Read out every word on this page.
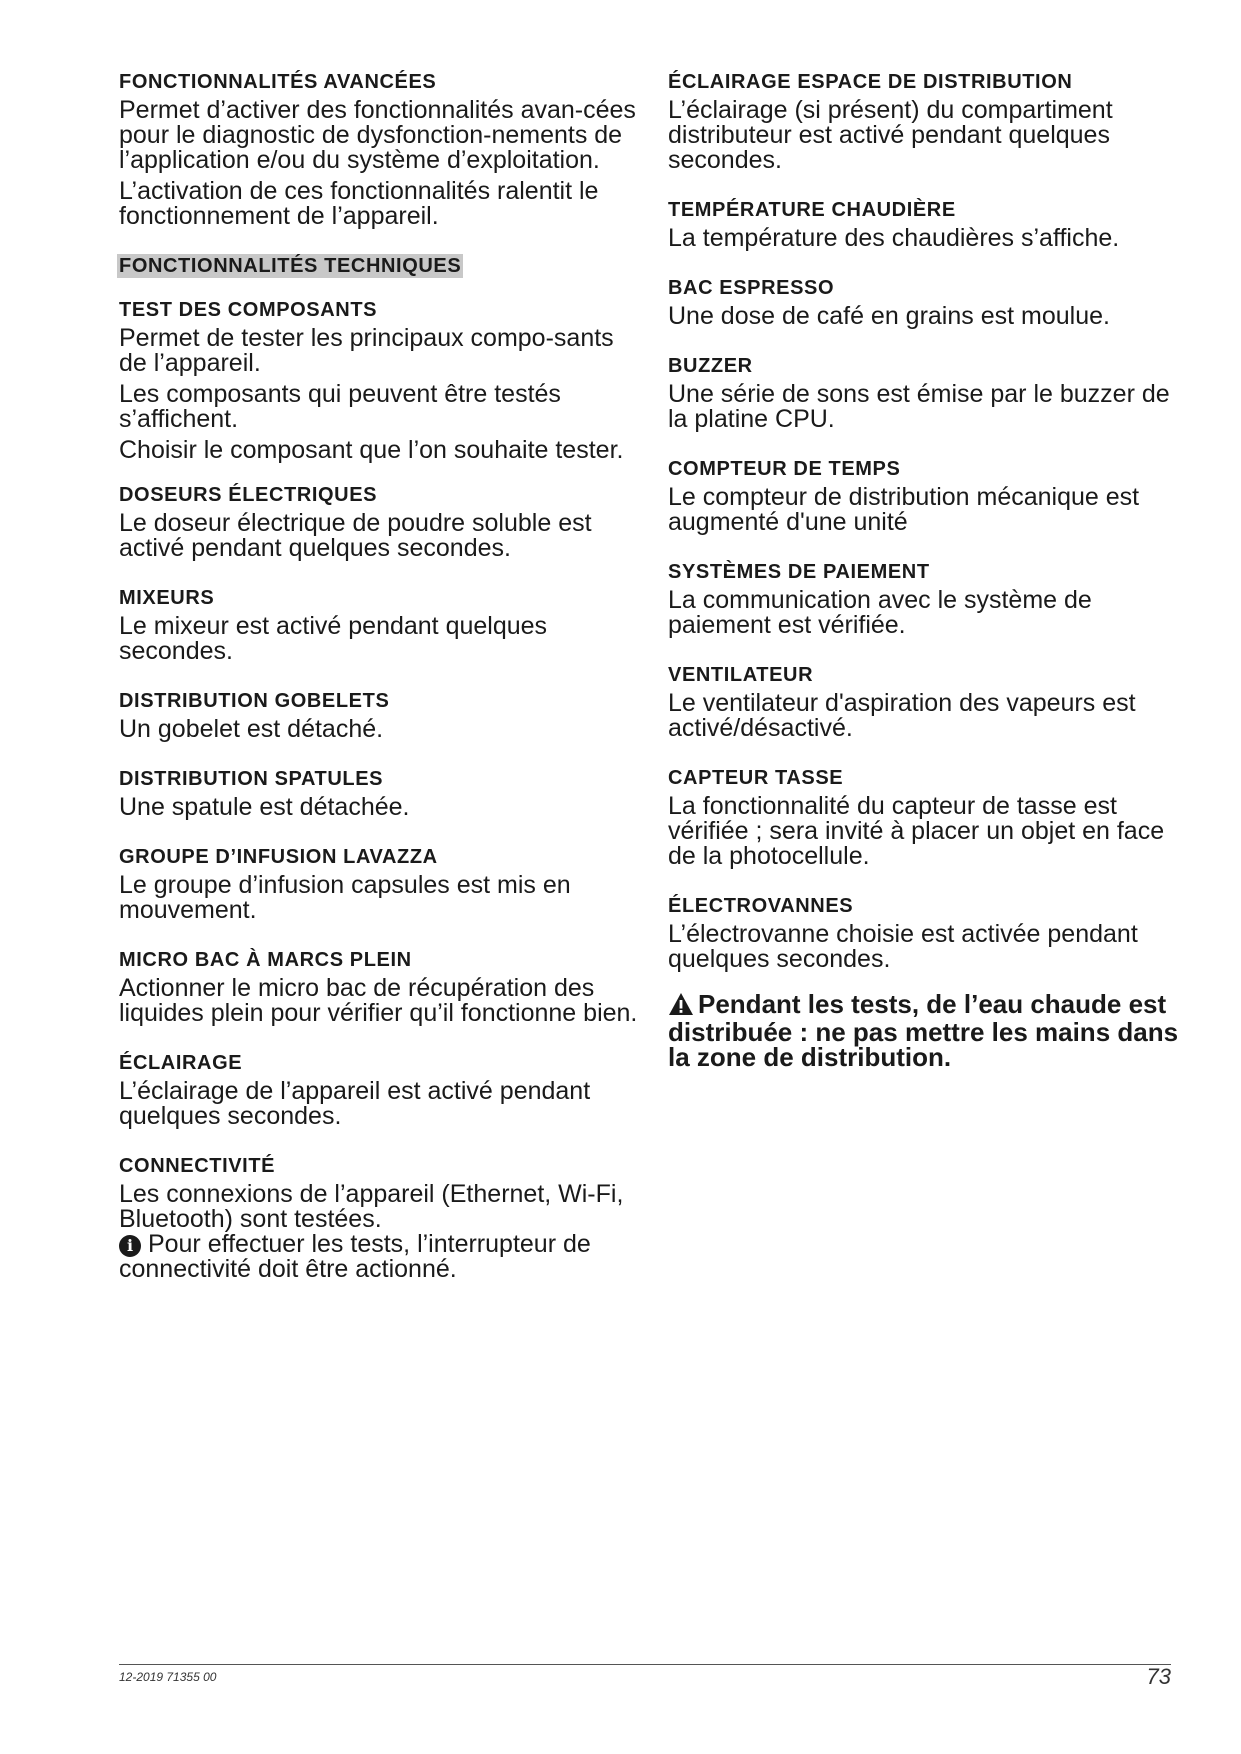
FONCTIONNALITÉS AVANCÉES

Permet d’activer des fonctionnalités avan-cées pour le diagnostic de dysfonction-nements de l’application e/ou du système d’exploitation.

L’activation de ces fonctionnalités ralentit le fonctionnement de l’appareil.

FONCTIONNALITÉS TECHNIQUES
TEST DES COMPOSANTS

Permet de tester les principaux compo-sants de l’appareil.

Les composants qui peuvent être testés s’affichent.

Choisir le composant que l’on souhaite tester.

DOSEURS ÉLECTRIQUES

Le doseur électrique de poudre soluble est activé pendant quelques secondes.

MIXEURS

Le mixeur est activé pendant quelques secondes.

DISTRIBUTION GOBELETS

Un gobelet est détaché.

DISTRIBUTION SPATULES

Une spatule est détachée.

GROUPE D’INFUSION LAVAZZA

Le groupe d’infusion capsules est mis en mouvement.

MICRO BAC À MARCS PLEIN

Actionner le micro bac de récupération des liquides plein pour vérifier qu’il fonctionne bien.

ÉCLAIRAGE

L’éclairage de l’appareil est activé pendant quelques secondes.

CONNECTIVITÉ

Les connexions de l’appareil (Ethernet, Wi-Fi, Bluetooth) sont testées.

i Pour effectuer les tests, l’interrupteur de connectivité doit être actionné.

ÉCLAIRAGE ESPACE DE DISTRIBUTION

L’éclairage (si présent) du compartiment distributeur est activé pendant quelques secondes.

TEMPÉRATURE CHAUDIÈRE

La température des chaudières s’affiche.

BAC ESPRESSO

Une dose de café en grains est moulue.

BUZZER

Une série de sons est émise par le buzzer de la platine CPU.

COMPTEUR DE TEMPS

Le compteur de distribution mécanique est augmenté d'une unité

SYSTÈMES DE PAIEMENT

La communication avec le système de paiement est vérifiée.

VENTILATEUR

Le ventilateur d'aspiration des vapeurs est activé/désactivé.

CAPTEUR TASSE

La fonctionnalité du capteur de tasse est vérifiée ; sera invité à placer un objet en face de la photocellule.

ÉLECTROVANNES

L’électrovanne choisie est activée pendant quelques secondes.

Pendant les tests, de l’eau chaude est distribuée : ne pas mettre les mains dans la zone de distribution.
12-2019 71355 00	73
